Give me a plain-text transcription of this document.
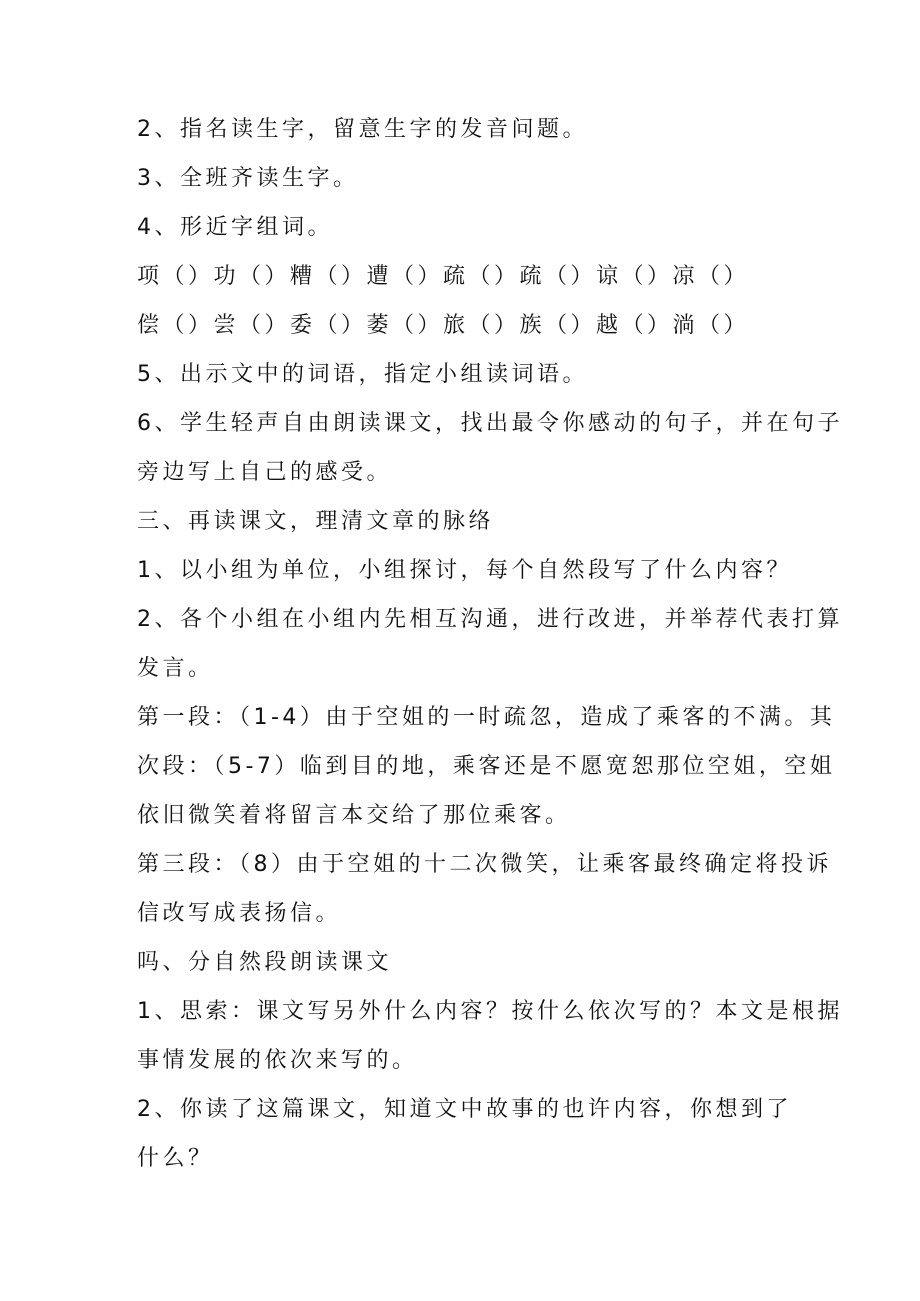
2、指名读生字，留意生字的发音问题。
3、全班齐读生字。
4、形近字组词。
项（）功（）糟（）遭（）疏（）疏（）谅（）凉（）
偿（）尝（）委（）萎（）旅（）族（）越（）淌（）
5、出示文中的词语，指定小组读词语。
6、学生轻声自由朗读课文，找出最令你感动的句子，并在句子
旁边写上自己的感受。
三、再读课文，理清文章的脉络
1、以小组为单位，小组探讨，每个自然段写了什么内容？
2、各个小组在小组内先相互沟通，进行改进，并举荐代表打算
发言。
第一段：（1-4）由于空姐的一时疏忽，造成了乘客的不满。其
次段：（5-7）临到目的地，乘客还是不愿宽恕那位空姐，空姐
依旧微笑着将留言本交给了那位乘客。
第三段：（8）由于空姐的十二次微笑，让乘客最终确定将投诉
信改写成表扬信。
吗、分自然段朗读课文
1、思索：课文写另外什么内容？按什么依次写的？本文是根据
事情发展的依次来写的。
2、你读了这篇课文，知道文中故事的也许内容，你想到了
什么？
